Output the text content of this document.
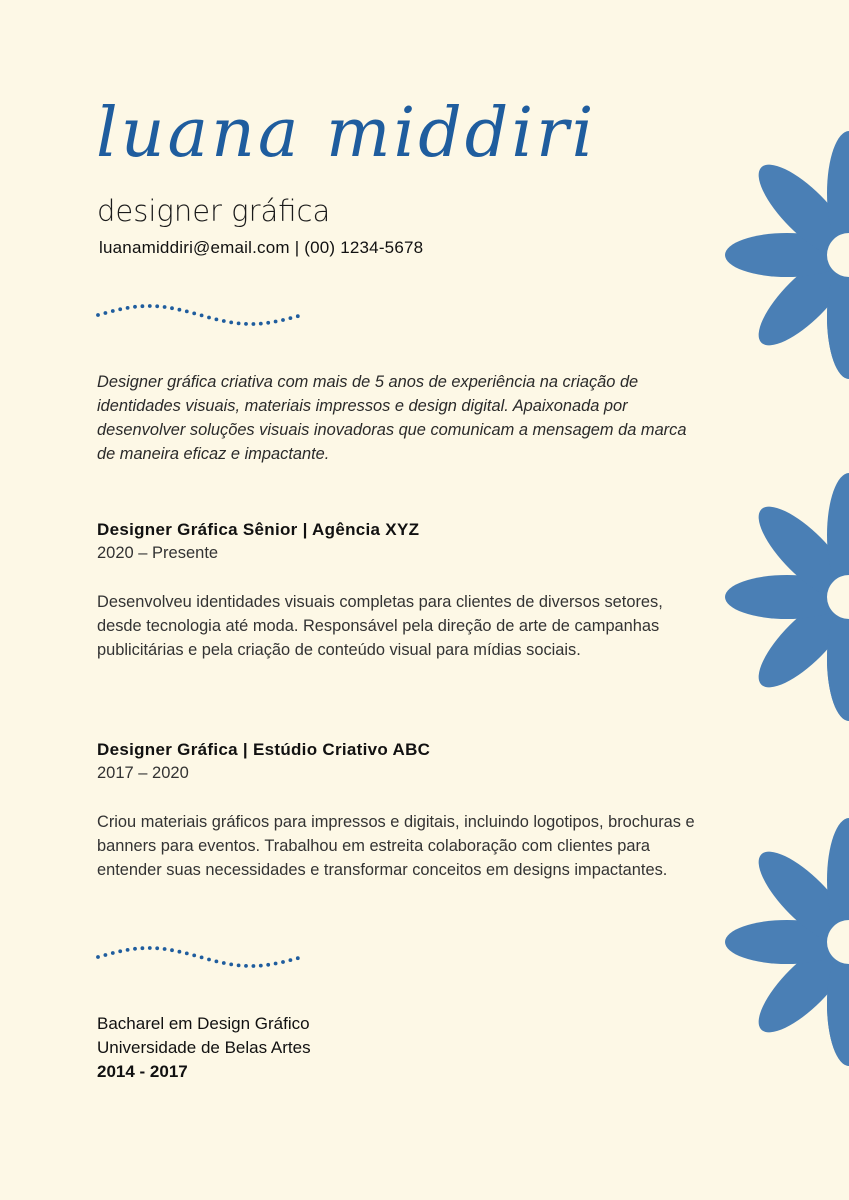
luana middiri
designer gráfica
luanamiddiri@email.com | (00) 1234-5678
Designer gráfica criativa com mais de 5 anos de experiência na criação de identidades visuais, materiais impressos e design digital. Apaixonada por desenvolver soluções visuais inovadoras que comunicam a mensagem da marca de maneira eficaz e impactante.
Designer Gráfica Sênior | Agência XYZ
2020 – Presente
Desenvolveu identidades visuais completas para clientes de diversos setores, desde tecnologia até moda. Responsável pela direção de arte de campanhas publicitárias e pela criação de conteúdo visual para mídias sociais.
Designer Gráfica | Estúdio Criativo ABC
2017 – 2020
Criou materiais gráficos para impressos e digitais, incluindo logotipos, brochuras e banners para eventos. Trabalhou em estreita colaboração com clientes para entender suas necessidades e transformar conceitos em designs impactantes.
Bacharel em Design Gráfico
Universidade de Belas Artes
2014 - 2017
